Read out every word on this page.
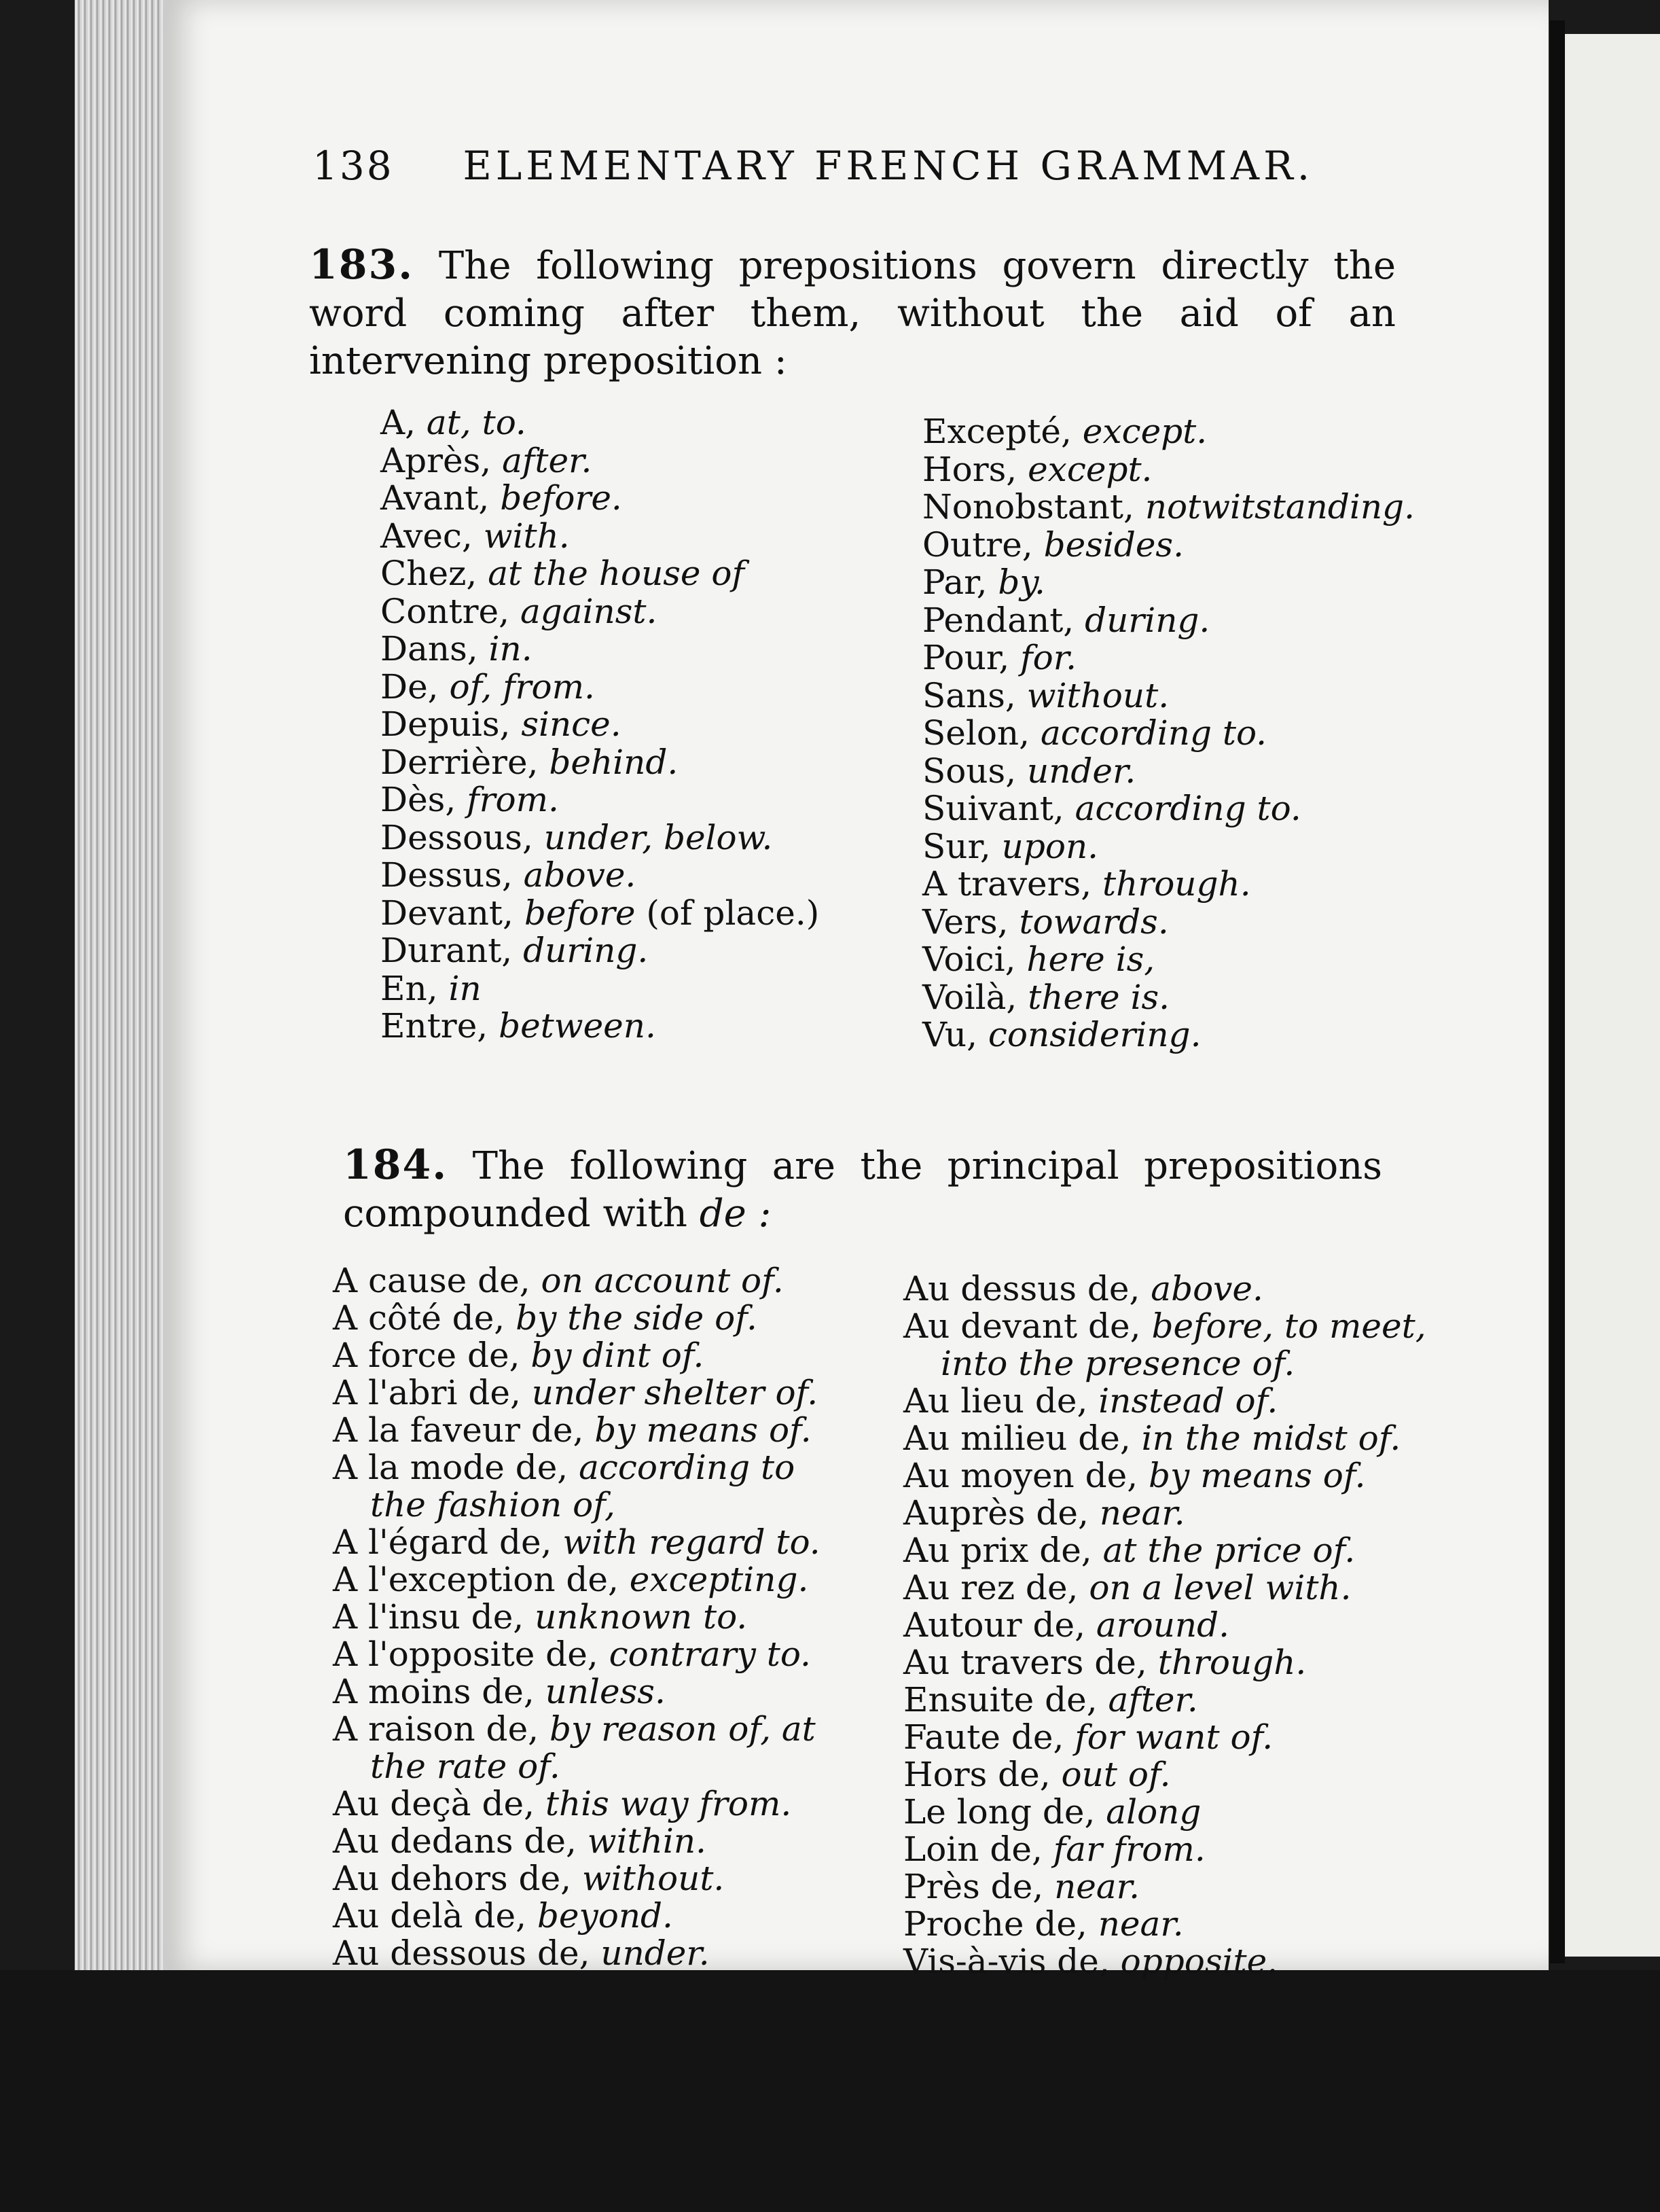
138 ELEMENTARY FRENCH GRAMMAR.
183. The following prepositions govern directly the word coming after them, without the aid of an intervening preposition :
A, at, to.
Après, after.
Avant, before.
Avec, with.
Chez, at the house of
Contre, against.
Dans, in.
De, of, from.
Depuis, since.
Derrière, behind.
Dès, from.
Dessous, under, below.
Dessus, above.
Devant, before (of place.)
Durant, during.
En, in
Entre, between.
Excepté, except.
Hors, except.
Nonobstant, notwitstanding.
Outre, besides.
Par, by.
Pendant, during.
Pour, for.
Sans, without.
Selon, according to.
Sous, under.
Suivant, according to.
Sur, upon.
A travers, through.
Vers, towards.
Voici, here is,
Voilà, there is.
Vu, considering.
184. The following are the principal prepositions compounded with de :
A cause de, on account of.
A côté de, by the side of.
A force de, by dint of.
A l'abri de, under shelter of.
A la faveur de, by means of.
A la mode de, according to
the fashion of,
A l'égard de, with regard to.
A l'exception de, excepting.
A l'insu de, unknown to.
A l'opposite de, contrary to.
A moins de, unless.
A raison de, by reason of, at
the rate of.
Au deçà de, this way from.
Au dedans de, within.
Au dehors de, without.
Au delà de, beyond.
Au dessous de, under.
Au dessus de, above.
Au devant de, before, to meet,
into the presence of.
Au lieu de, instead of.
Au milieu de, in the midst of.
Au moyen de, by means of.
Auprès de, near.
Au prix de, at the price of.
Au rez de, on a level with.
Autour de, around.
Au travers de, through.
Ensuite de, after.
Faute de, for want of.
Hors de, out of.
Le long de, along
Loin de, far from.
Près de, near.
Proche de, near.
Vis-à-vis de, opposite.
